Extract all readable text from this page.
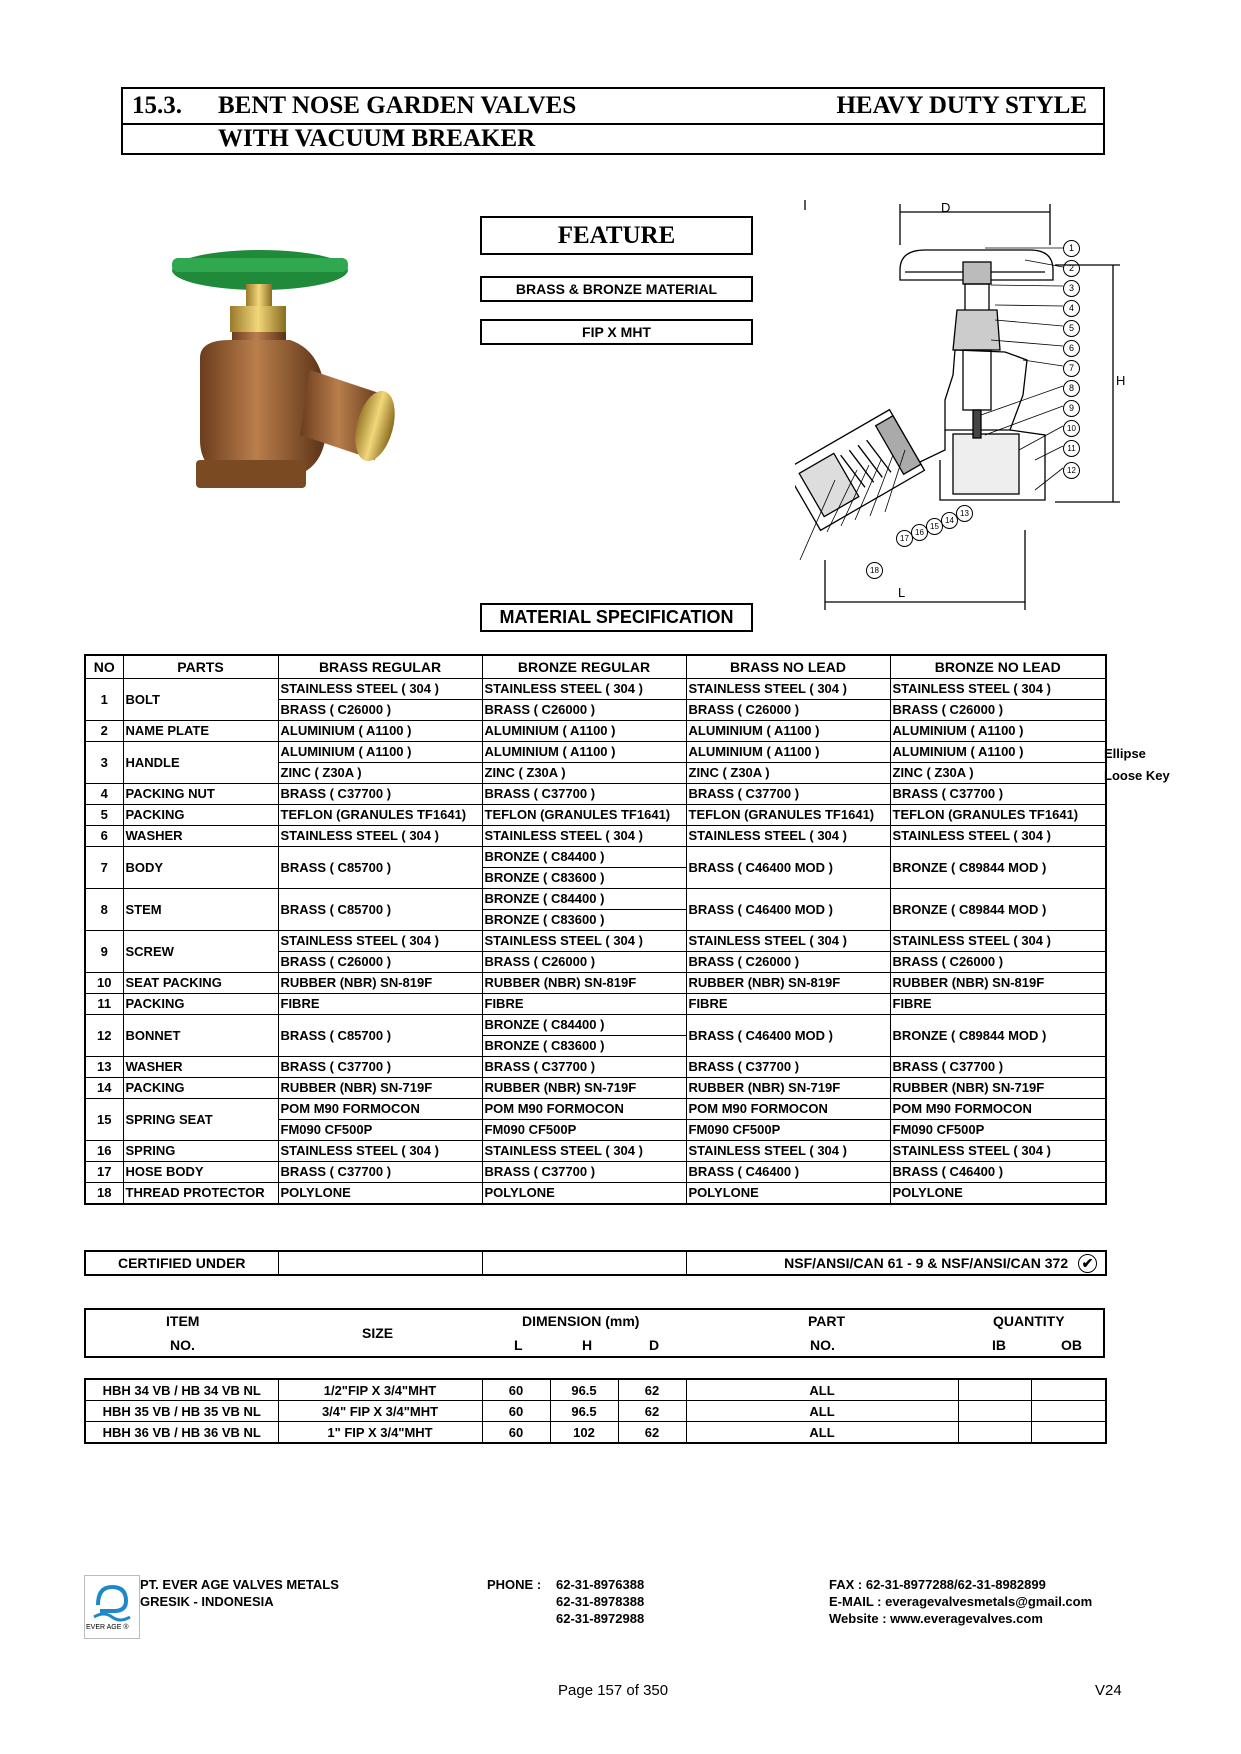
15.3. BENT NOSE GARDEN VALVES	HEAVY DUTY STYLE
WITH VACUUM BREAKER
FEATURE
BRASS & BRONZE MATERIAL
FIP X MHT
D
H
L
1
2
3
4
5
6
7
8
9
10
11
12
13
14
15
16
17
18
MATERIAL SPECIFICATION
Ellipse
Loose Key
NO	PARTS	BRASS REGULAR	BRONZE REGULAR	BRASS NO LEAD	BRONZE NO LEAD
1	BOLT	STAINLESS STEEL ( 304 )	STAINLESS STEEL ( 304 )	STAINLESS STEEL ( 304 )	STAINLESS STEEL ( 304 )
		BRASS ( C26000 )	BRASS ( C26000 )	BRASS ( C26000 )	BRASS ( C26000 )
2	NAME PLATE	ALUMINIUM ( A1100 )	ALUMINIUM ( A1100 )	ALUMINIUM ( A1100 )	ALUMINIUM ( A1100 )
3	HANDLE	ALUMINIUM ( A1100 )	ALUMINIUM ( A1100 )	ALUMINIUM ( A1100 )	ALUMINIUM ( A1100 )
		ZINC ( Z30A )	ZINC ( Z30A )	ZINC ( Z30A )	ZINC ( Z30A )
4	PACKING NUT	BRASS ( C37700 )	BRASS ( C37700 )	BRASS ( C37700 )	BRASS ( C37700 )
5	PACKING	TEFLON (GRANULES TF1641)	TEFLON (GRANULES TF1641)	TEFLON (GRANULES TF1641)	TEFLON (GRANULES TF1641)
6	WASHER	STAINLESS STEEL ( 304 )	STAINLESS STEEL ( 304 )	STAINLESS STEEL ( 304 )	STAINLESS STEEL ( 304 )
7	BODY	BRASS ( C85700 )	BRONZE ( C84400 )	BRASS ( C46400 MOD )	BRONZE ( C89844 MOD )
			BRONZE ( C83600 )		
8	STEM	BRASS ( C85700 )	BRONZE ( C84400 )	BRASS ( C46400 MOD )	BRONZE ( C89844 MOD )
			BRONZE ( C83600 )		
9	SCREW	STAINLESS STEEL ( 304 )	STAINLESS STEEL ( 304 )	STAINLESS STEEL ( 304 )	STAINLESS STEEL ( 304 )
		BRASS ( C26000 )	BRASS ( C26000 )	BRASS ( C26000 )	BRASS ( C26000 )
10	SEAT PACKING	RUBBER (NBR) SN-819F	RUBBER (NBR) SN-819F	RUBBER (NBR) SN-819F	RUBBER (NBR) SN-819F
11	PACKING	FIBRE	FIBRE	FIBRE	FIBRE
12	BONNET	BRASS ( C85700 )	BRONZE ( C84400 )	BRASS ( C46400 MOD )	BRONZE ( C89844 MOD )
			BRONZE ( C83600 )		
13	WASHER	BRASS ( C37700 )	BRASS ( C37700 )	BRASS ( C37700 )	BRASS ( C37700 )
14	PACKING	RUBBER (NBR) SN-719F	RUBBER (NBR) SN-719F	RUBBER (NBR) SN-719F	RUBBER (NBR) SN-719F
15	SPRING SEAT	POM M90 FORMOCON	POM M90 FORMOCON	POM M90 FORMOCON	POM M90 FORMOCON
		FM090 CF500P	FM090 CF500P	FM090 CF500P	FM090 CF500P
16	SPRING	STAINLESS STEEL ( 304 )	STAINLESS STEEL ( 304 )	STAINLESS STEEL ( 304 )	STAINLESS STEEL ( 304 )
17	HOSE BODY	BRASS ( C37700 )	BRASS ( C37700 )	BRASS ( C46400 )	BRASS ( C46400 )
18	THREAD PROTECTOR	POLYLONE	POLYLONE	POLYLONE	POLYLONE
CERTIFIED UNDER			NSF/ANSI/CAN 61 - 9 & NSF/ANSI/CAN 372 ✔
ITEM
NO.
SIZE
DIMENSION (mm)
L	H	D
PART
NO.
QUANTITY
IB	OB
HBH 34 VB / HB 34 VB NL	1/2"FIP X 3/4"MHT	60	96.5	62	ALL		
HBH 35 VB / HB 35 VB NL	3/4" FIP X 3/4"MHT	60	96.5	62	ALL		
HBH 36 VB / HB 36 VB NL	1" FIP X 3/4"MHT	60	102	62	ALL		
EVER AGE ®
PT. EVER AGE VALVES METALS
GRESIK - INDONESIA
PHONE : 62-31-8976388
62-31-8978388
62-31-8972988
FAX : 62-31-8977288/62-31-8982899
E-MAIL : everagevalvesmetals@gmail.com
Website : www.everagevalves.com
Page 157 of 350	V24
